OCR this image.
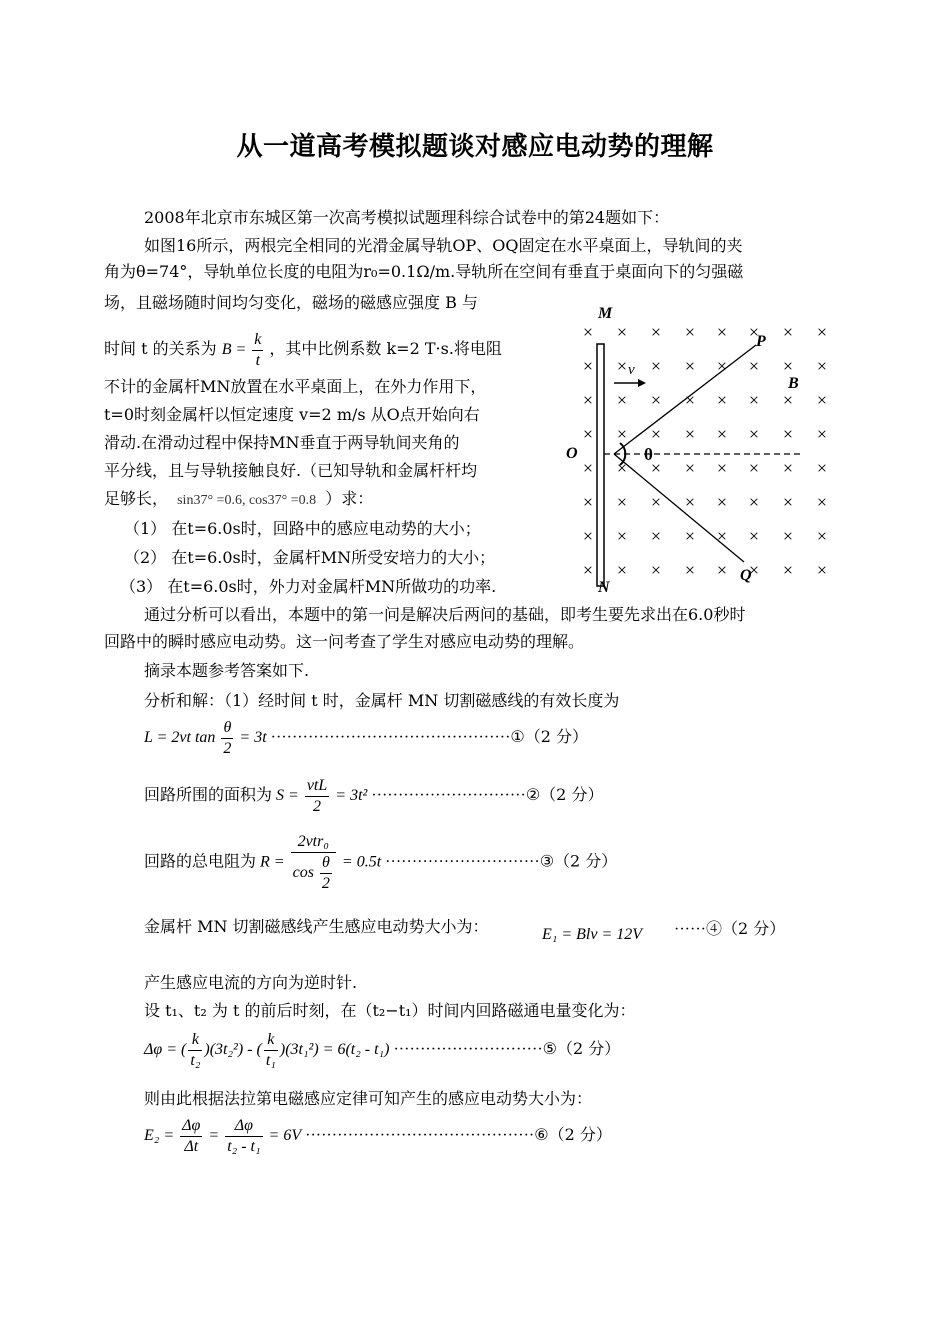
从一道高考模拟题谈对感应电动势的理解
2008年北京市东城区第一次高考模拟试题理科综合试卷中的第24题如下：
如图16所示，两根完全相同的光滑金属导轨OP、OQ固定在水平桌面上，导轨间的夹
角为θ=74°，导轨单位长度的电阻为r₀=0.1Ω/m.导轨所在空间有垂直于桌面向下的匀强磁
场，且磁场随时间均匀变化，磁场的磁感应强度 B 与
时间 t 的关系为 $B = \frac{k}{t}$ ，其中比例系数 k=2 T·s.将电阻
不计的金属杆MN放置在水平桌面上，在外力作用下，
t=0时刻金属杆以恒定速度 v=2 m/s 从O点开始向右
滑动.在滑动过程中保持MN垂直于两导轨间夹角的
平分线，且与导轨接触良好.（已知导轨和金属杆杆均
足够长， sin37° =0.6, cos37° =0.8 ）求：
（1） 在t=6.0s时，回路中的感应电动势的大小；
（2） 在t=6.0s时，金属杆MN所受安培力的大小；
（3） 在t=6.0s时，外力对金属杆MN所做功的功率.
× × × × × × × ×
× × × × × × × ×
× × × × × × × ×
× × × × × × × ×
× × × × × × × ×
× × × × × × × ×
× × × × × × × ×
× × × × × × × ×
M
N
O
P
Q
B
v
θ
通过分析可以看出，本题中的第一问是解决后两问的基础，即考生要先求出在6.0秒时
回路中的瞬时感应电动势。这一问考查了学生对感应电动势的理解。
摘录本题参考答案如下.
分析和解：（1）经时间 t 时，金属杆 MN 切割磁感线的有效长度为
L = 2vt $\tan \frac{\theta}{2} = 3t$ ·············································①（2 分）
回路所围的面积为 $S = \frac{\text{vtL}}{2} = 3t^2$ ·····························②（2 分）
回路的总电阻为 $R = \frac{\text{2vtr₀}}{\cos \frac{\theta}{2}} = 0.5t$ ·····························③（2 分）
金属杆 MN 切割磁感线产生感应电动势大小为：	E₁ = Blv = 12V ······④（2 分）
产生感应电流的方向为逆时针.
设 t₁、t₂ 为 t 的前后时刻，在（t₂−t₁）时间内回路磁通电量变化为：
Δφ = ( $\frac{k}{\text{t₂}} )(3t_2^2)$ - ( $\frac{k}{\text{t₁}} )(3t_1^2) = 6(t_2 - t_1)$ ····························⑤（2 分）
则由此根据法拉第电磁感应定律可知产生的感应电动势大小为：
$E_2 = \frac{\Delta\varphi}{\Delta t} = \frac{\Delta\varphi}{\text{t₂ - t₁}} = 6V$ ···········································⑥（2 分）
